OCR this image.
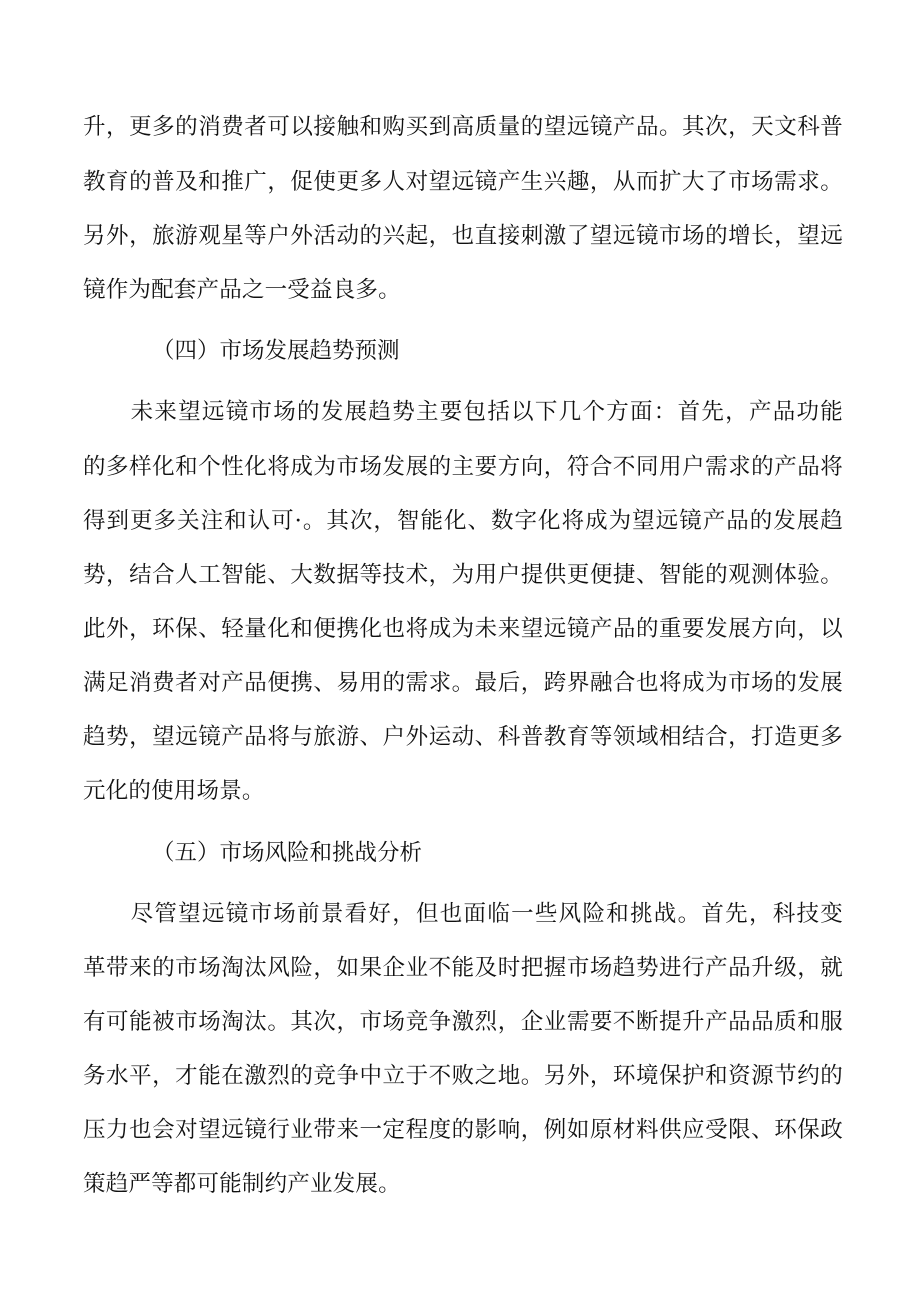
升，更多的消费者可以接触和购买到高质量的望远镜产品。其次，天文科普
教育的普及和推广，促使更多人对望远镜产生兴趣，从而扩大了市场需求。
另外，旅游观星等户外活动的兴起，也直接刺激了望远镜市场的增长，望远
镜作为配套产品之一受益良多。
（四）市场发展趋势预测
　　未来望远镜市场的发展趋势主要包括以下几个方面：首先，产品功能
的多样化和个性化将成为市场发展的主要方向，符合不同用户需求的产品将
得到更多关注和认可·。其次，智能化、数字化将成为望远镜产品的发展趋
势，结合人工智能、大数据等技术，为用户提供更便捷、智能的观测体验。
此外，环保、轻量化和便携化也将成为未来望远镜产品的重要发展方向，以
满足消费者对产品便携、易用的需求。最后，跨界融合也将成为市场的发展
趋势，望远镜产品将与旅游、户外运动、科普教育等领域相结合，打造更多
元化的使用场景。
（五）市场风险和挑战分析
　　尽管望远镜市场前景看好，但也面临一些风险和挑战。首先，科技变
革带来的市场淘汰风险，如果企业不能及时把握市场趋势进行产品升级，就
有可能被市场淘汰。其次，市场竞争激烈，企业需要不断提升产品品质和服
务水平，才能在激烈的竞争中立于不败之地。另外，环境保护和资源节约的
压力也会对望远镜行业带来一定程度的影响，例如原材料供应受限、环保政
策趋严等都可能制约产业发展。
